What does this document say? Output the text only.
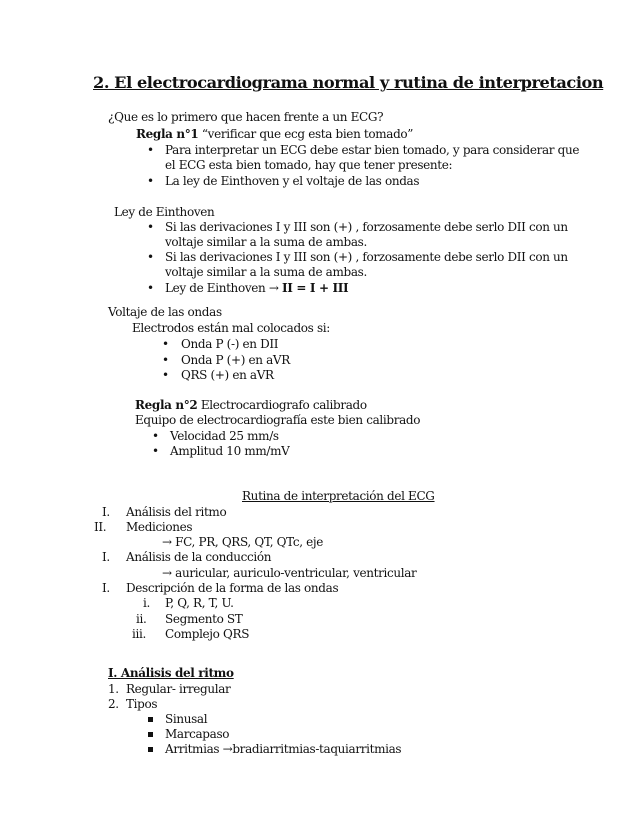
2. El electrocardiograma normal y rutina de interpretacion
¿Que es lo primero que hacen frente a un ECG?
Regla n°1 “verificar que ecg esta bien tomado”
• Para interpretar un ECG debe estar bien tomado, y para considerar que
el ECG esta bien tomado, hay que tener presente:
• La ley de Einthoven y el voltaje de las ondas
Ley de Einthoven
• Si las derivaciones I y III son (+) , forzosamente debe serlo DII con un
voltaje similar a la suma de ambas.
• Si las derivaciones I y III son (+) , forzosamente debe serlo DII con un
voltaje similar a la suma de ambas.
• Ley de Einthoven → II = I + III
Voltaje de las ondas
Electrodos están mal colocados si:
• Onda P (-) en DII
• Onda P (+) en aVR
• QRS (+) en aVR
Regla n°2 Electrocardiografo calibrado
Equipo de electrocardiografía este bien calibrado
• Velocidad 25 mm/s
• Amplitud 10 mm/mV
Rutina de interpretación del ECG
I. Análisis del ritmo
II. Mediciones
→ FC, PR, QRS, QT, QTc, eje
I. Análisis de la conducción
→ auricular, auriculo-ventricular, ventricular
I. Descripción de la forma de las ondas
i. P, Q, R, T, U.
ii. Segmento ST
iii. Complejo QRS
I. Análisis del ritmo
1. Regular- irregular
2. Tipos
Sinusal
Marcapaso
Arritmias →bradiarritmias-taquiarritmias
